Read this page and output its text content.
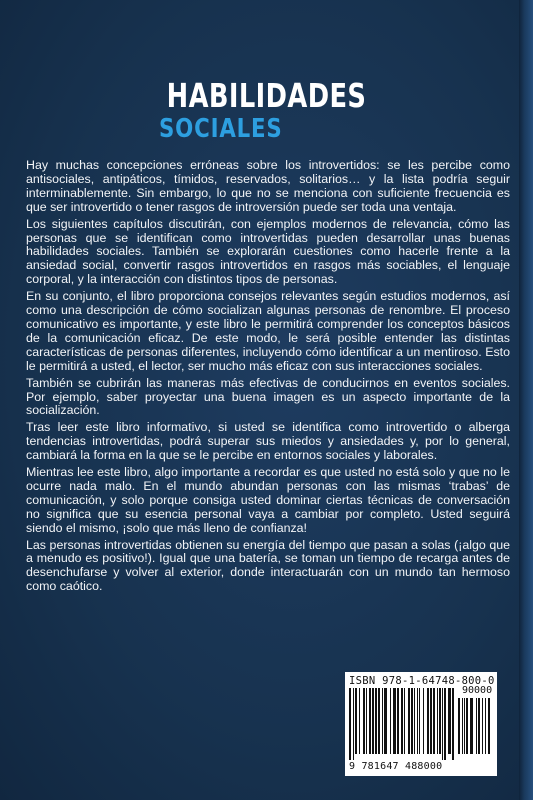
HABILIDADES
SOCIALES

Hay muchas concepciones erróneas sobre los introvertidos: se les percibe como antisociales, antipáticos, tímidos, reservados, solitarios… y la lista podría seguir interminablemente. Sin embargo, lo que no se menciona con suficiente frecuencia es que ser introvertido o tener rasgos de introversión puede ser toda una ventaja.

Los siguientes capítulos discutirán, con ejemplos modernos de relevancia, cómo las personas que se identifican como introvertidas pueden desarrollar unas buenas habilidades sociales. También se explorarán cuestiones como hacerle frente a la ansiedad social, convertir rasgos introvertidos en rasgos más sociables, el lenguaje corporal, y la interacción con distintos tipos de personas.

En su conjunto, el libro proporciona consejos relevantes según estudios modernos, así como una descripción de cómo socializan algunas personas de renombre. El proceso comunicativo es importante, y este libro le permitirá comprender los conceptos básicos de la comunicación eficaz. De este modo, le será posible entender las distintas características de personas diferentes, incluyendo cómo identificar a un mentiroso. Esto le permitirá a usted, el lector, ser mucho más eficaz con sus interacciones sociales.

También se cubrirán las maneras más efectivas de conducirnos en eventos sociales. Por ejemplo, saber proyectar una buena imagen es un aspecto importante de la socialización.

Tras leer este libro informativo, si usted se identifica como introvertido o alberga tendencias introvertidas, podrá superar sus miedos y ansiedades y, por lo general, cambiará la forma en la que se le percibe en entornos sociales y laborales.

Mientras lee este libro, algo importante a recordar es que usted no está solo y que no le ocurre nada malo. En el mundo abundan personas con las mismas ‘trabas’ de comunicación, y solo porque consiga usted dominar ciertas técnicas de conversación no significa que su esencia personal vaya a cambiar por completo. Usted seguirá siendo el mismo, ¡solo que más lleno de confianza!

Las personas introvertidas obtienen su energía del tiempo que pasan a solas (¡algo que a menudo es positivo!). Igual que una batería, se toman un tiempo de recarga antes de desenchufarse y volver al exterior, donde interactuarán con un mundo tan hermoso como caótico.

ISBN 978-1-64748-800-0
90000
9 781647 488000
